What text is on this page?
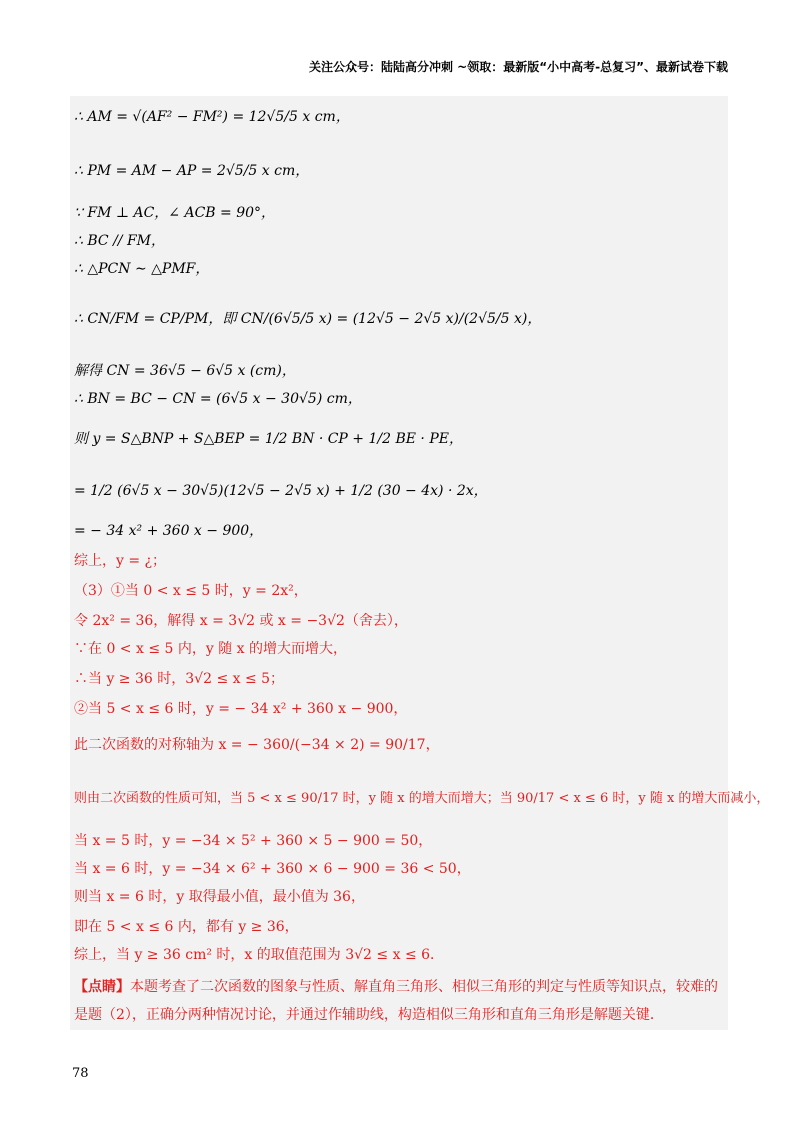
关注公众号：陆陆高分冲刺 ~领取：最新版“小中高考-总复习”、最新试卷下载
∴ AM = √(AF² − FM²) = 12√5/5 x cm，
∴ PM = AM − AP = 2√5/5 x cm，
∵ FM ⊥ AC，∠ ACB = 90°，
∴ BC // FM，
∴ △PCN ∼ △PMF，
∴ CN/FM = CP/PM，即 CN/(6√5/5 x) = (12√5 − 2√5 x)/(2√5/5 x)，
解得 CN = 36√5 − 6√5 x (cm)，
∴ BN = BC − CN = (6√5 x − 30√5) cm，
则 y = S△BNP + S△BEP = 1/2 BN · CP + 1/2 BE · PE，
= 1/2 (6√5 x − 30√5)(12√5 − 2√5 x) + 1/2 (30 − 4x) · 2x，
= − 34 x² + 360 x − 900，
综上，y = ¿；
（3）①当 0 < x ≤ 5 时，y = 2x²，
令 2x² = 36，解得 x = 3√2 或 x = −3√2（舍去），
∵在 0 < x ≤ 5 内，y 随 x 的增大而增大，
∴当 y ≥ 36 时，3√2 ≤ x ≤ 5；
②当 5 < x ≤ 6 时，y = − 34 x² + 360 x − 900，
此二次函数的对称轴为 x = − 360/(−34 × 2) = 90/17，
则由二次函数的性质可知，当 5 < x ≤ 90/17 时，y 随 x 的增大而增大；当 90/17 < x ≤ 6 时，y 随 x 的增大而减小，
当 x = 5 时，y = −34 × 5² + 360 × 5 − 900 = 50，
当 x = 6 时，y = −34 × 6² + 360 × 6 − 900 = 36 < 50，
则当 x = 6 时，y 取得最小值，最小值为 36，
即在 5 < x ≤ 6 内，都有 y ≥ 36，
综上，当 y ≥ 36 cm² 时，x 的取值范围为 3√2 ≤ x ≤ 6．
【点睛】本题考查了二次函数的图象与性质、解直角三角形、相似三角形的判定与性质等知识点，较难的
是题（2），正确分两种情况讨论，并通过作辅助线，构造相似三角形和直角三角形是解题关键．
78
